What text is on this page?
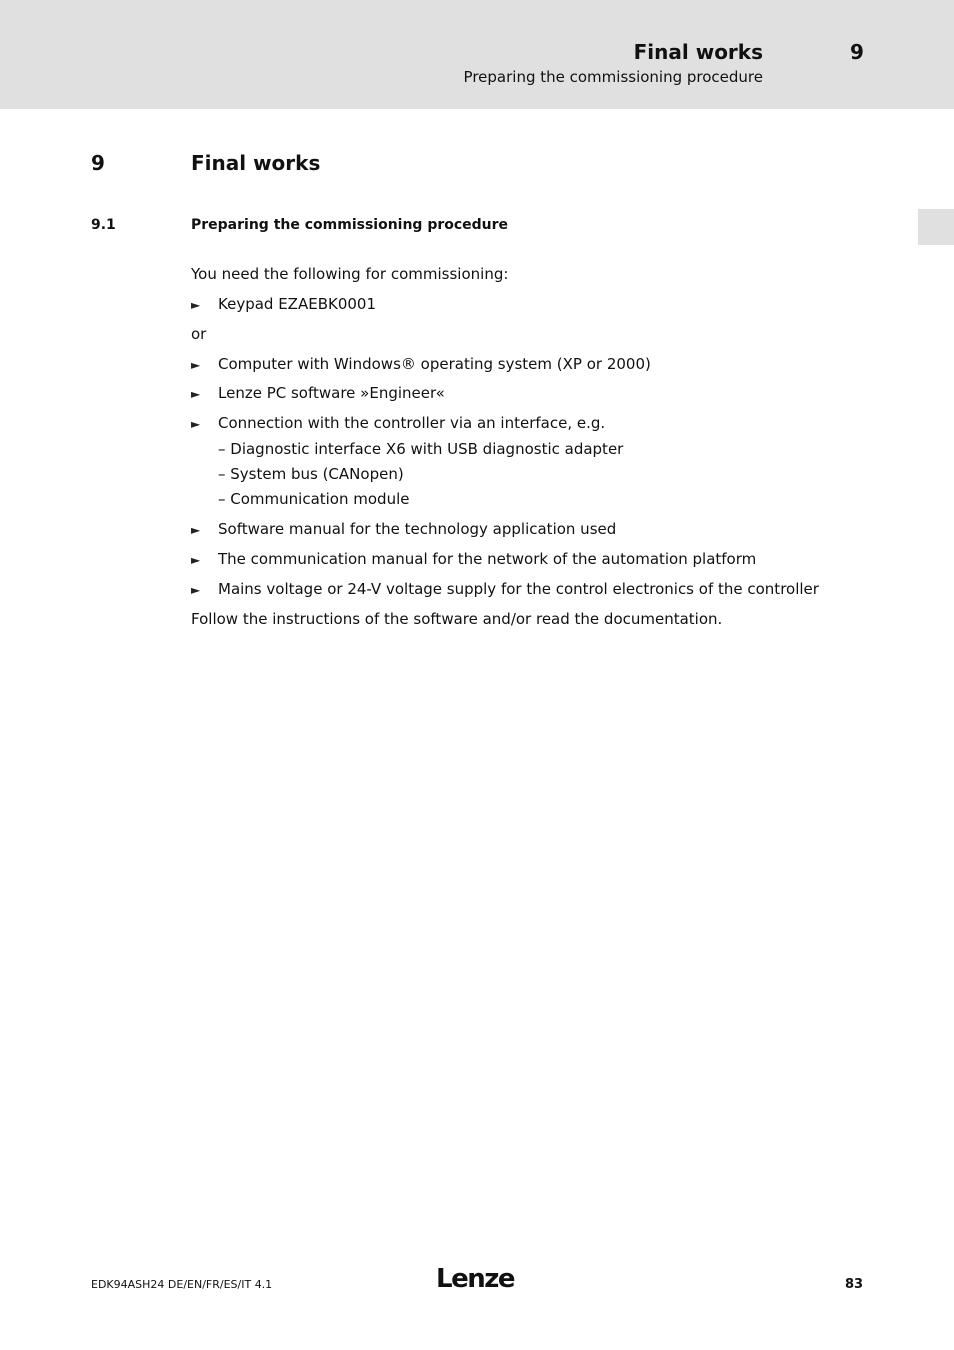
Final works	9
Preparing the commissioning procedure
9	Final works
9.1	Preparing the commissioning procedure
You need the following for commissioning:
► Keypad EZAEBK0001
or
► Computer with Windows® operating system (XP or 2000)
► Lenze PC software »Engineer«
► Connection with the controller via an interface, e.g.
– Diagnostic interface X6 with USB diagnostic adapter
– System bus (CANopen)
– Communication module
► Software manual for the technology application used
► The communication manual for the network of the automation platform
► Mains voltage or 24-V voltage supply for the control electronics of the controller
Follow the instructions of the software and/or read the documentation.
EDK94ASH24 DE/EN/FR/ES/IT 4.1	Lenze	83
